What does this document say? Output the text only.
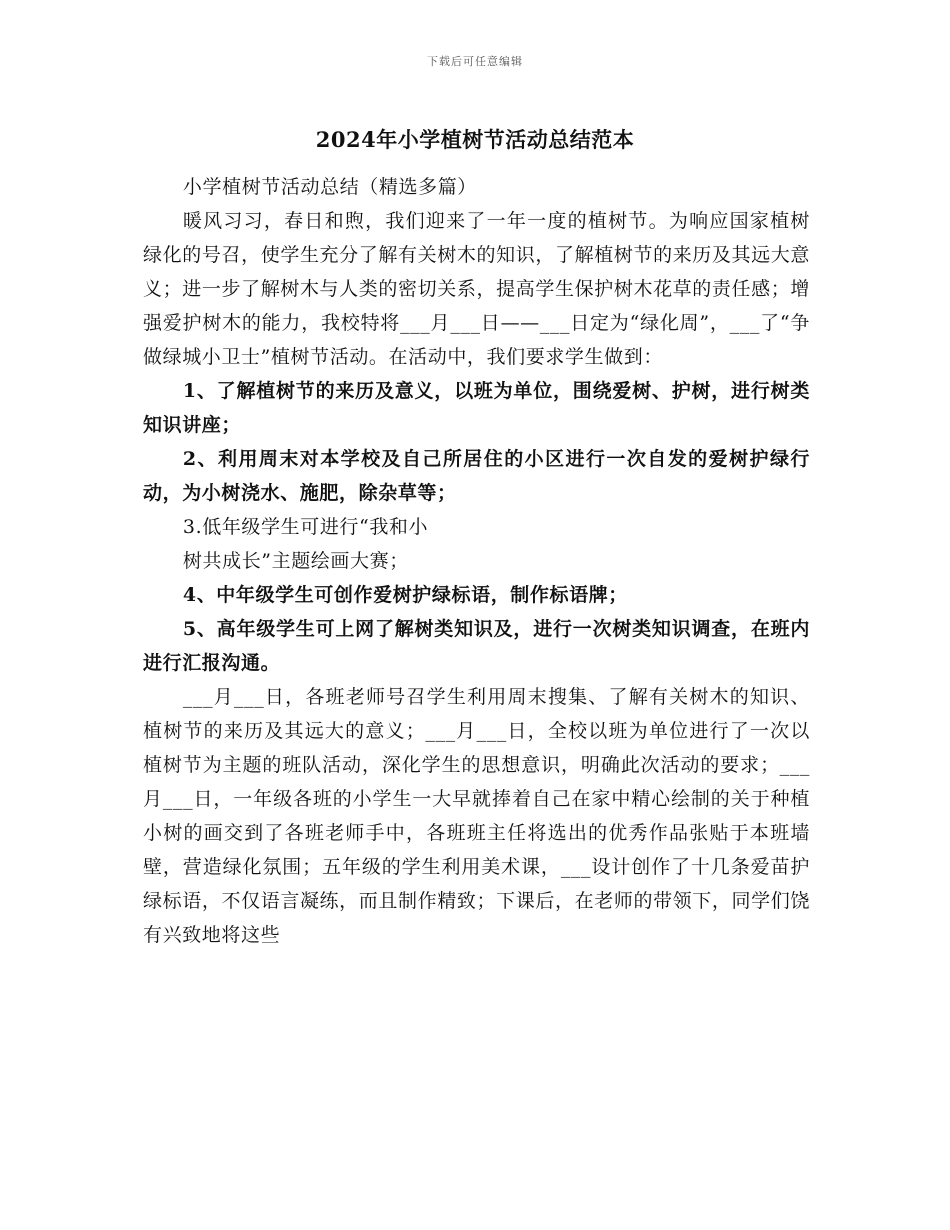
下载后可任意编辑
2024年小学植树节活动总结范本

小学植树节活动总结（精选多篇）

暖风习习，春日和煦，我们迎来了一年一度的植树节。为响应国家植树绿化的号召，使学生充分了解有关树木的知识，了解植树节的来历及其远大意义；进一步了解树木与人类的密切关系，提高学生保护树木花草的责任感；增强爱护树木的能力，我校特将___月___日——___日定为“绿化周”，___了“争做绿城小卫士”植树节活动。在活动中，我们要求学生做到：

1、了解植树节的来历及意义，以班为单位，围绕爱树、护树，进行树类知识讲座；

2、利用周末对本学校及自己所居住的小区进行一次自发的爱树护绿行动，为小树浇水、施肥，除杂草等；

3.低年级学生可进行“我和小
树共成长”主题绘画大赛；

4、中年级学生可创作爱树护绿标语，制作标语牌；

5、高年级学生可上网了解树类知识及，进行一次树类知识调查，在班内进行汇报沟通。

___月___日，各班老师号召学生利用周末搜集、了解有关树木的知识、植树节的来历及其远大的意义；___月___日，全校以班为单位进行了一次以植树节为主题的班队活动，深化学生的思想意识，明确此次活动的要求；___月___日，一年级各班的小学生一大早就捧着自己在家中精心绘制的关于种植小树的画交到了各班老师手中，各班班主任将选出的优秀作品张贴于本班墙壁，营造绿化氛围；五年级的学生利用美术课，___设计创作了十几条爱苗护绿标语，不仅语言凝练，而且制作精致；下课后，在老师的带领下，同学们饶有兴致地将这些
